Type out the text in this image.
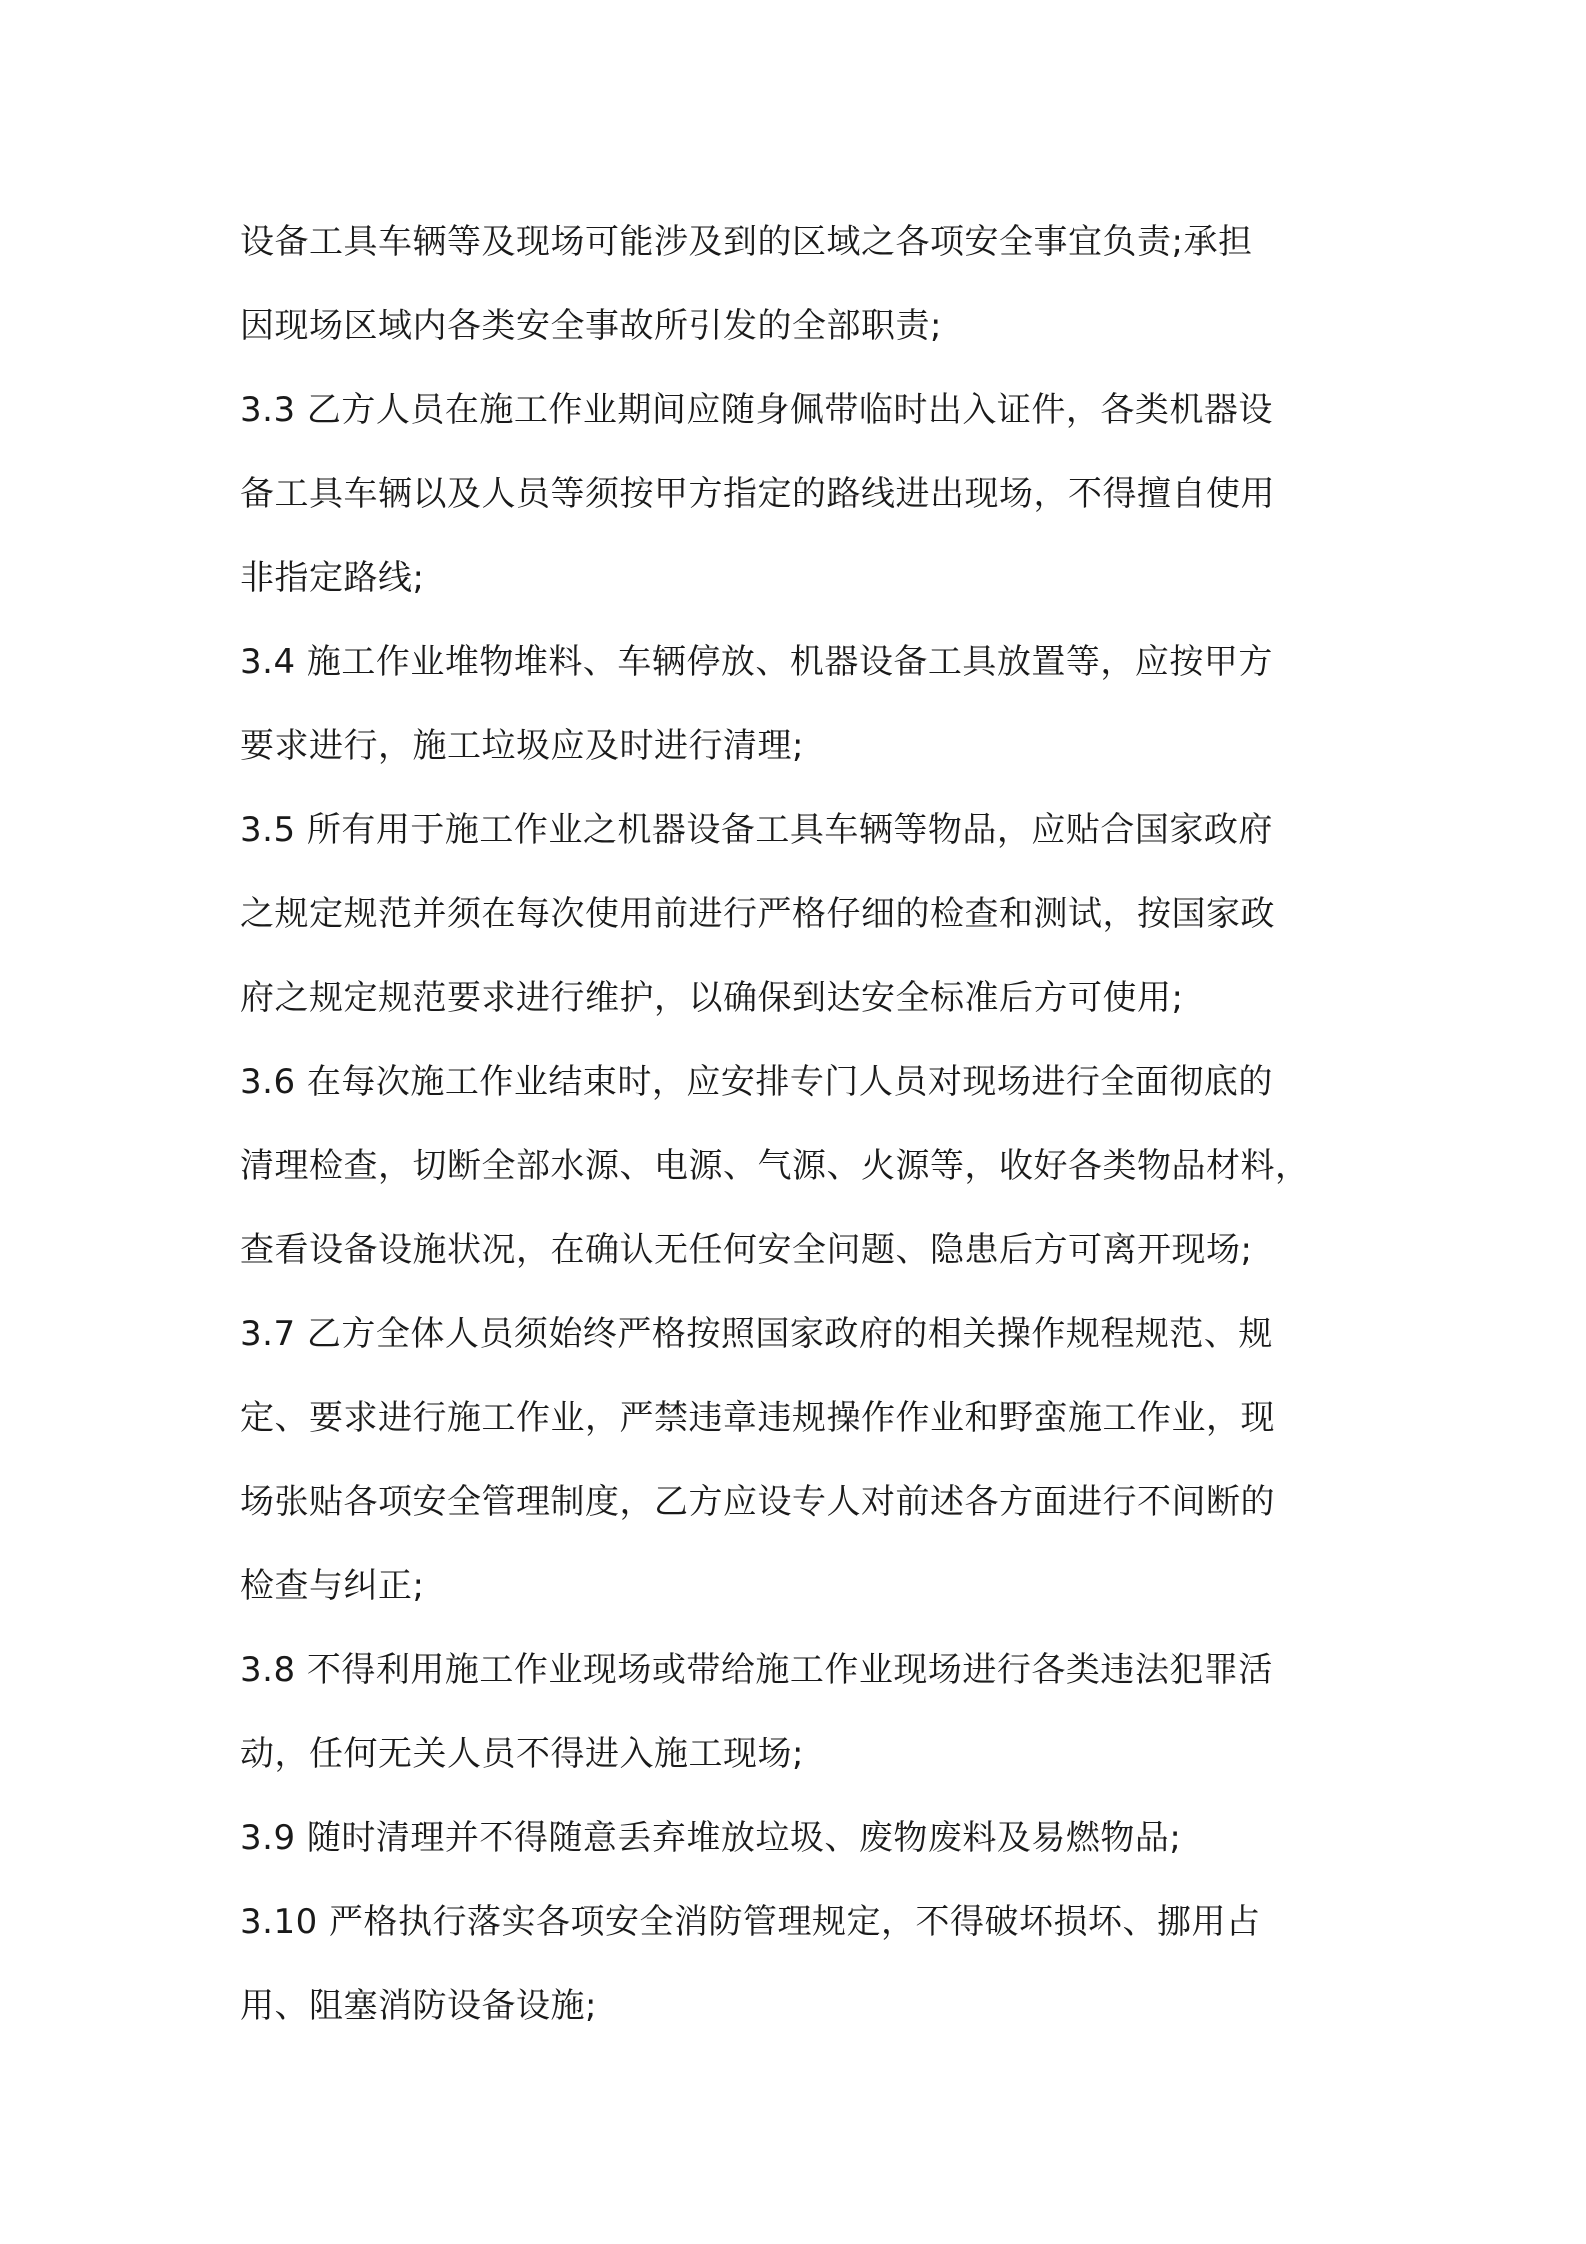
设备工具车辆等及现场可能涉及到的区域之各项安全事宜负责;承担
因现场区域内各类安全事故所引发的全部职责;
3.3 乙方人员在施工作业期间应随身佩带临时出入证件，各类机器设
备工具车辆以及人员等须按甲方指定的路线进出现场，不得擅自使用
非指定路线;
3.4 施工作业堆物堆料、车辆停放、机器设备工具放置等，应按甲方
要求进行，施工垃圾应及时进行清理;
3.5 所有用于施工作业之机器设备工具车辆等物品，应贴合国家政府
之规定规范并须在每次使用前进行严格仔细的检查和测试，按国家政
府之规定规范要求进行维护，以确保到达安全标准后方可使用;
3.6 在每次施工作业结束时，应安排专门人员对现场进行全面彻底的
清理检查，切断全部水源、电源、气源、火源等，收好各类物品材料，
查看设备设施状况，在确认无任何安全问题、隐患后方可离开现场;
3.7 乙方全体人员须始终严格按照国家政府的相关操作规程规范、规
定、要求进行施工作业，严禁违章违规操作作业和野蛮施工作业，现
场张贴各项安全管理制度，乙方应设专人对前述各方面进行不间断的
检查与纠正;
3.8 不得利用施工作业现场或带给施工作业现场进行各类违法犯罪活
动，任何无关人员不得进入施工现场;
3.9 随时清理并不得随意丢弃堆放垃圾、废物废料及易燃物品;
3.10 严格执行落实各项安全消防管理规定，不得破坏损坏、挪用占
用、阻塞消防设备设施;
